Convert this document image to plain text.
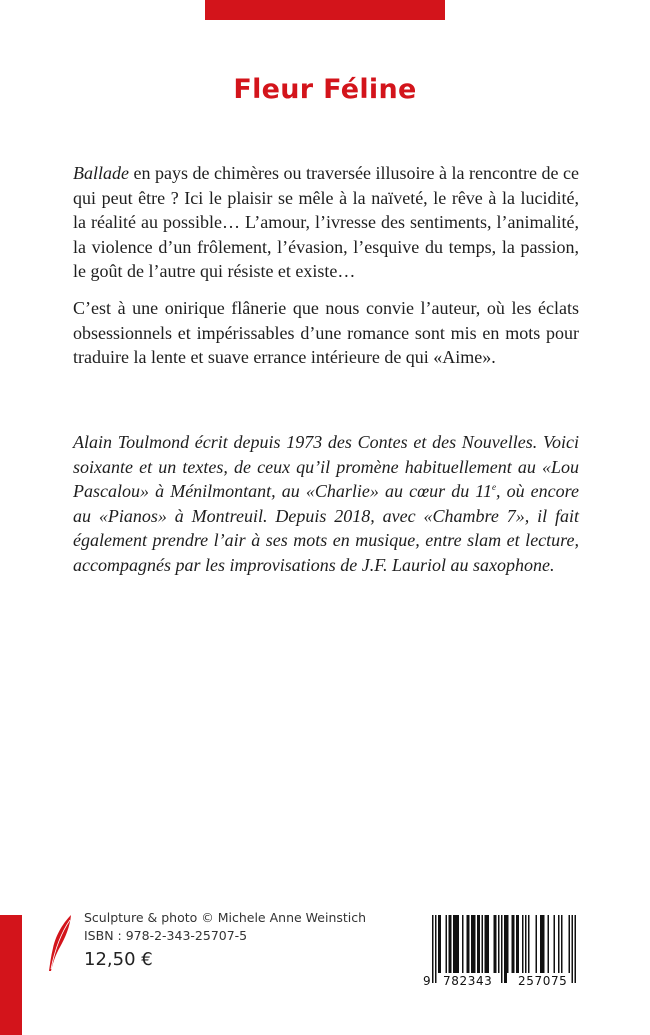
Fleur Féline

Ballade en pays de chimères ou traversée illusoire à la rencontre de ce qui peut être ? Ici le plaisir se mêle à la naïveté, le rêve à la lucidité, la réalité au possible… L’amour, l’ivresse des sentiments, l’animalité, la violence d’un frôlement, l’évasion, l’esquive du temps, la passion, le goût de l’autre qui résiste et existe…

C’est à une onirique flânerie que nous convie l’auteur, où les éclats obsessionnels et impérissables d’une romance sont mis en mots pour traduire la lente et suave errance intérieure de qui «Aime».

Alain Toulmond écrit depuis 1973 des Contes et des Nouvelles. Voici soixante et un textes, de ceux qu’il promène habituellement au «Lou Pascalou» à Ménilmontant, au «Charlie» au cœur du 11e, où encore au «Pianos» à Montreuil. Depuis 2018, avec «Chambre 7», il fait également prendre l’air à ses mots en musique, entre slam et lecture, accompagnés par les improvisations de J.F. Lauriol au saxophone.

Sculpture & photo © Michele Anne Weinstich
ISBN : 978-2-343-25707-5
12,50 €
9 782343 257075
